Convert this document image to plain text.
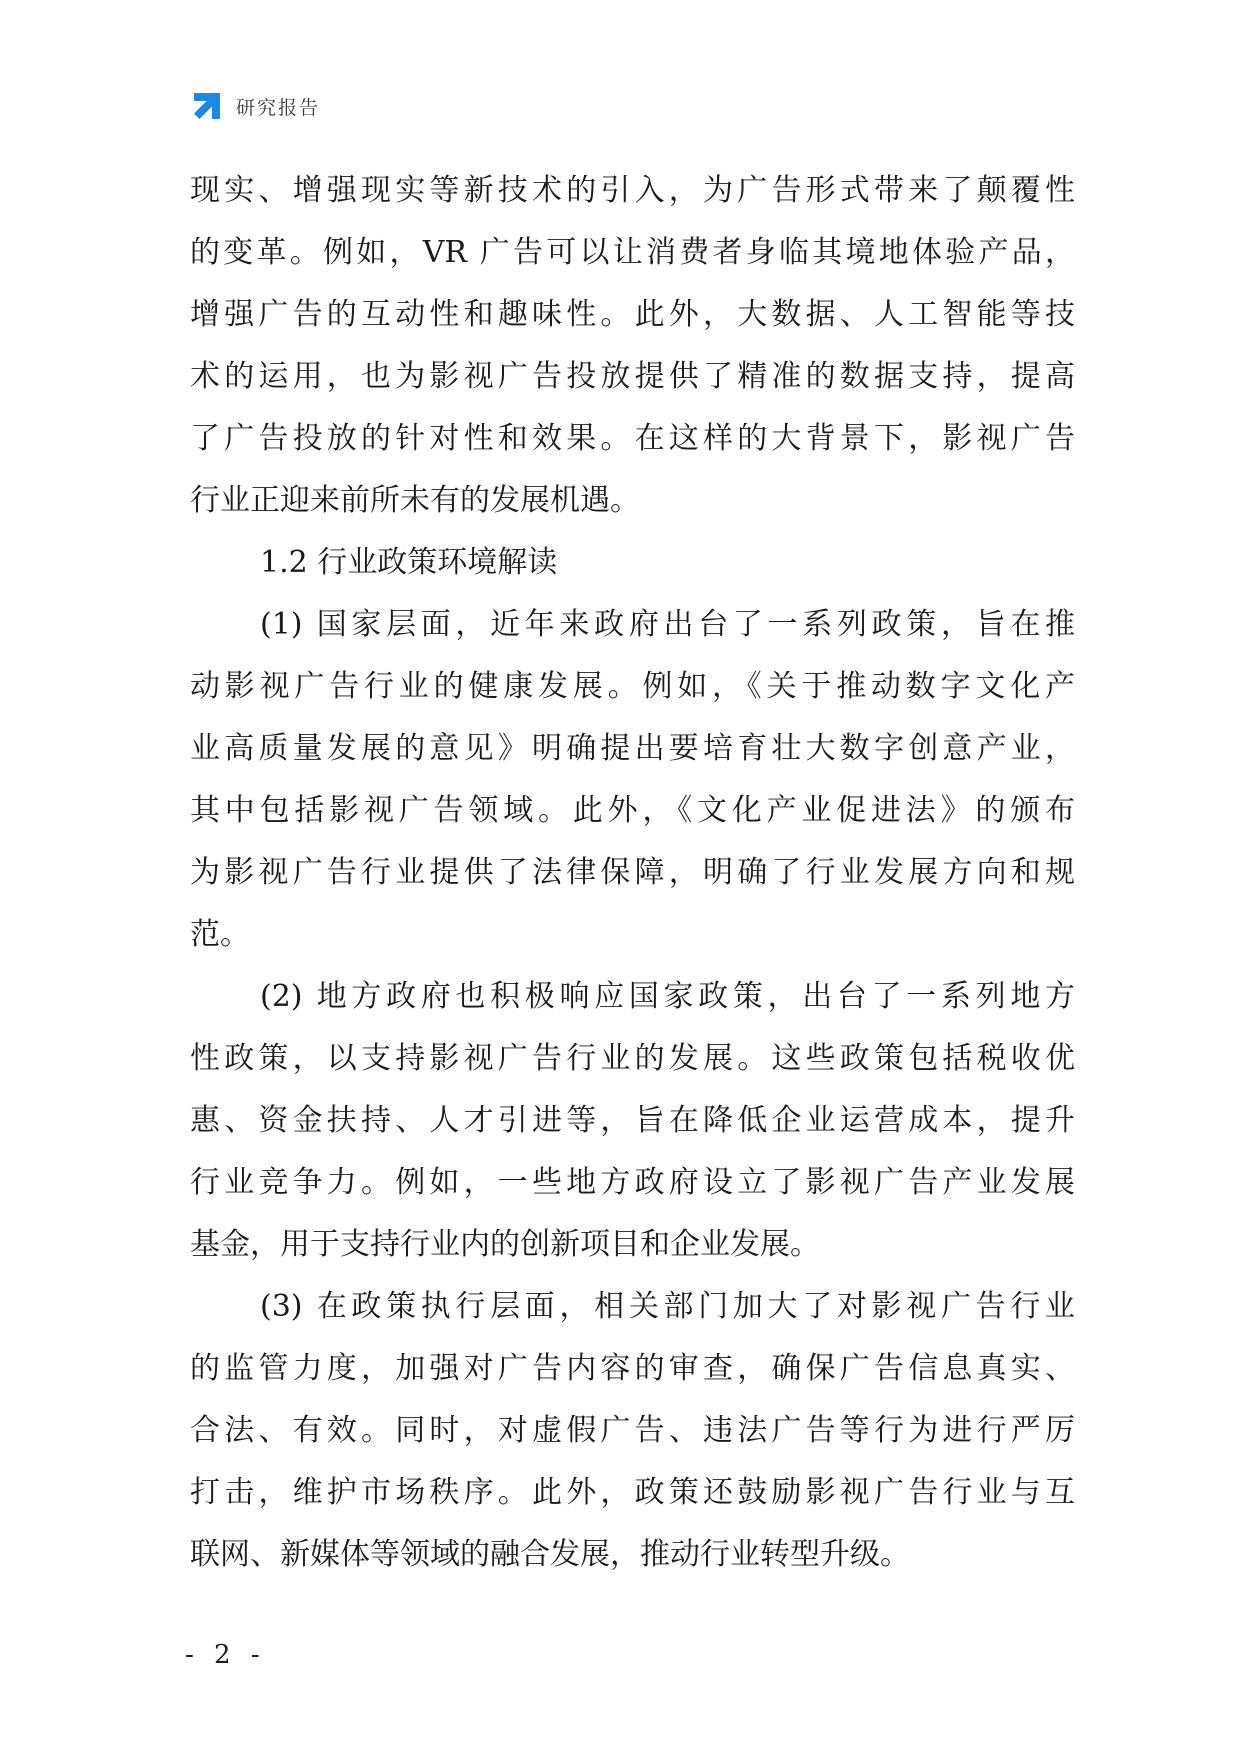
研究报告
现实、增强现实等新技术的引入，为广告形式带来了颠覆性
的变革。例如，VR 广告可以让消费者身临其境地体验产品，
增强广告的互动性和趣味性。此外，大数据、人工智能等技
术的运用，也为影视广告投放提供了精准的数据支持，提高
了广告投放的针对性和效果。在这样的大背景下，影视广告
行业正迎来前所未有的发展机遇。
1.2 行业政策环境解读
(1) 国家层面，近年来政府出台了一系列政策，旨在推
动影视广告行业的健康发展。例如，《关于推动数字文化产
业高质量发展的意见》明确提出要培育壮大数字创意产业，
其中包括影视广告领域。此外，《文化产业促进法》的颁布
为影视广告行业提供了法律保障，明确了行业发展方向和规
范。
(2) 地方政府也积极响应国家政策，出台了一系列地方
性政策，以支持影视广告行业的发展。这些政策包括税收优
惠、资金扶持、人才引进等，旨在降低企业运营成本，提升
行业竞争力。例如，一些地方政府设立了影视广告产业发展
基金，用于支持行业内的创新项目和企业发展。
(3) 在政策执行层面，相关部门加大了对影视广告行业
的监管力度，加强对广告内容的审查，确保广告信息真实、
合法、有效。同时，对虚假广告、违法广告等行为进行严厉
打击，维护市场秩序。此外，政策还鼓励影视广告行业与互
联网、新媒体等领域的融合发展，推动行业转型升级。
- 2 -
